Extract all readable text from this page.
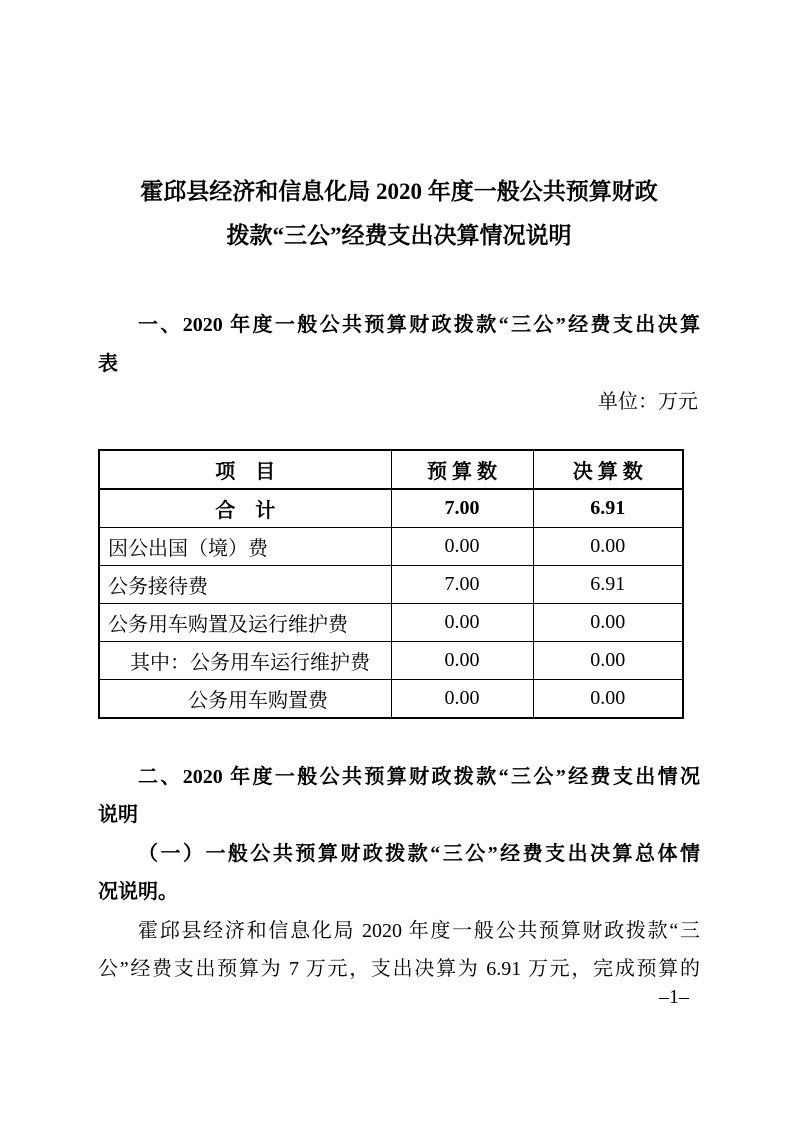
霍邱县经济和信息化局 2020 年度一般公共预算财政
拨款“三公”经费支出决算情况说明

一、2020 年度一般公共预算财政拨款“三公”经费支出决算

表

单位：万元

项　目	预 算 数	决 算 数
合　计	7.00	6.91
因公出国（境）费	0.00	0.00
公务接待费	7.00	6.91
公务用车购置及运行维护费	0.00	0.00
其中：公务用车运行维护费	0.00	0.00
公务用车购置费	0.00	0.00

二、2020 年度一般公共预算财政拨款“三公”经费支出情况

说明

（一）一般公共预算财政拨款“三公”经费支出决算总体情

况说明。

霍邱县经济和信息化局 2020 年度一般公共预算财政拨款“三

公”经费支出预算为 7 万元，支出决算为 6.91 万元，完成预算的

–1–
